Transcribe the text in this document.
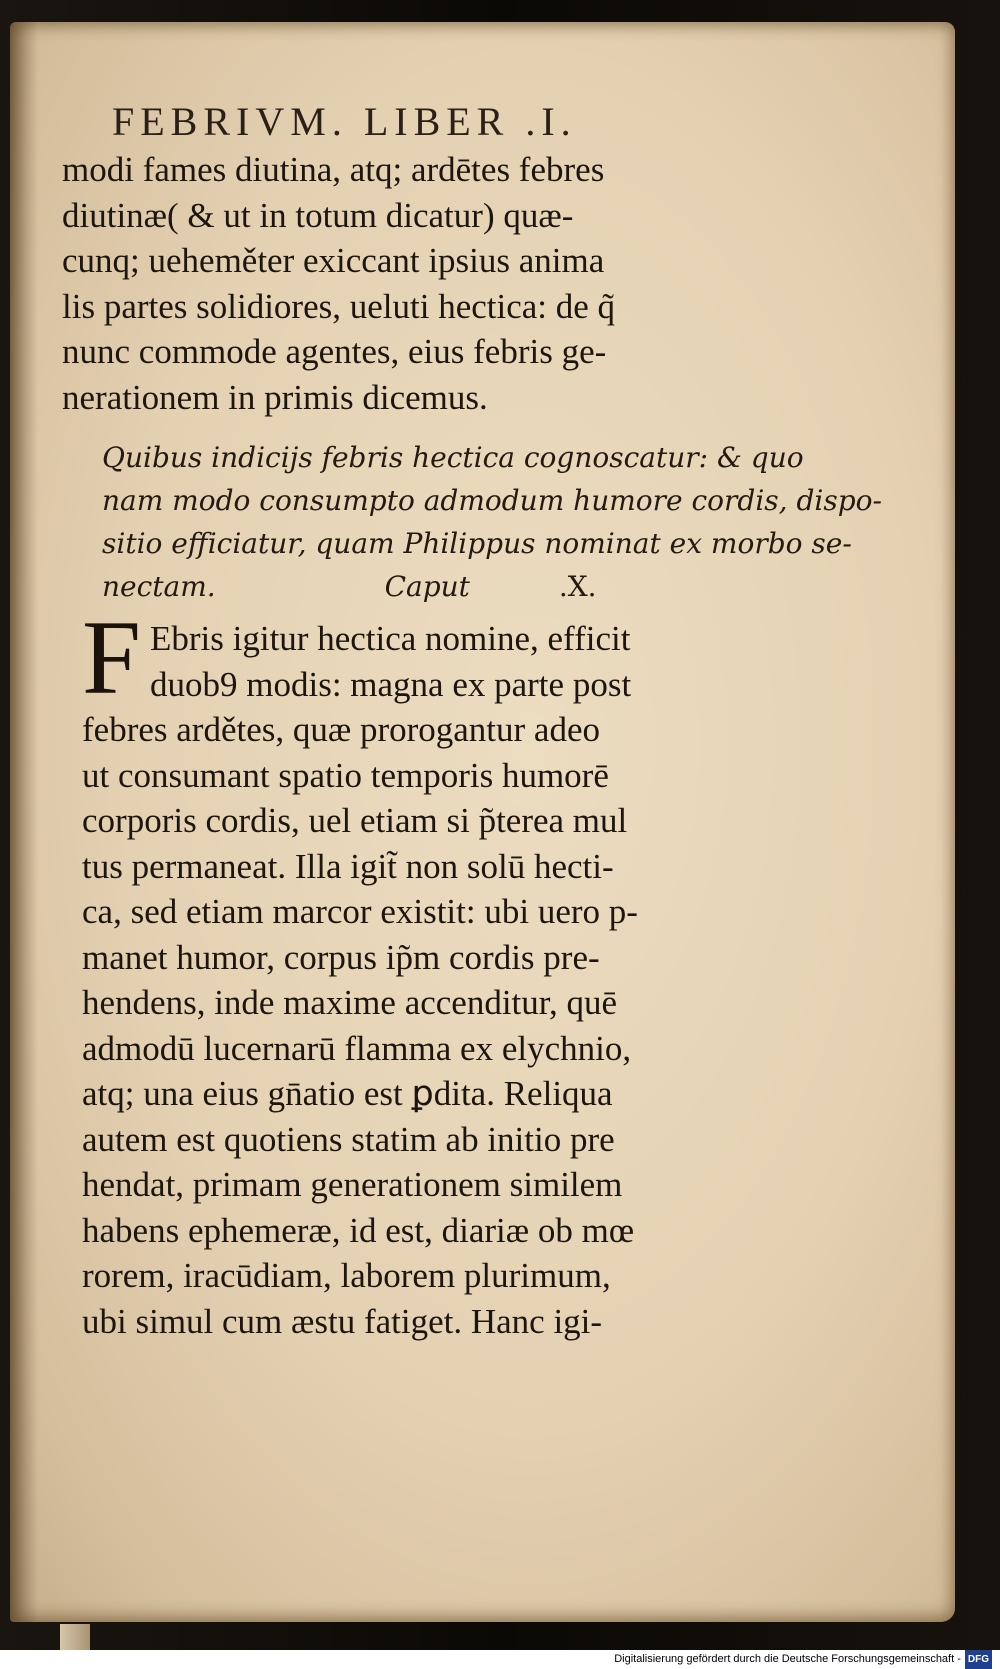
FEBRIVM. LIBER .I.
modi fames diutina, atq; ardētes febres
diutinæ( & ut in totum dicatur) quæ-
cunq; ueheměter exiccant ipsius anima
lis partes solidiores, ueluti hectica: de q̃
nunc commode agentes, eius febris ge-
nerationem in primis dicemus.
Quibus indicijs febris hectica cognoscatur: & quo
nam modo consumpto admodum humore cordis, dispo-
sitio efficiatur, quam Philippus nominat ex morbo se-
nectam.	Caput	.X.
F Ebris igitur hectica nomine, efficit
duob9 modis: magna ex parte post
febres ardětes, quæ prorogantur adeo
ut consumant spatio temporis humorē
corporis cordis, uel etiam si p̃terea mul
tus permaneat. Illa igit̃ non solū hecti-
ca, sed etiam marcor existit: ubi uero p-
manet humor, corpus ip̃m cordis pre-
hendens, inde maxime accenditur, quē
admodū lucernarū flamma ex elychnio,
atq; una eius gn̄atio est ꝑdita. Reliqua
autem est quotiens statim ab initio pre
hendat, primam generationem similem
habens ephemeræ, id est, diariæ ob mœ
rorem, iracūdiam, laborem plurimum,
ubi simul cum æstu fatiget. Hanc igi-
Digitalisierung gefördert durch die Deutsche Forschungsgemeinschaft - DFG
